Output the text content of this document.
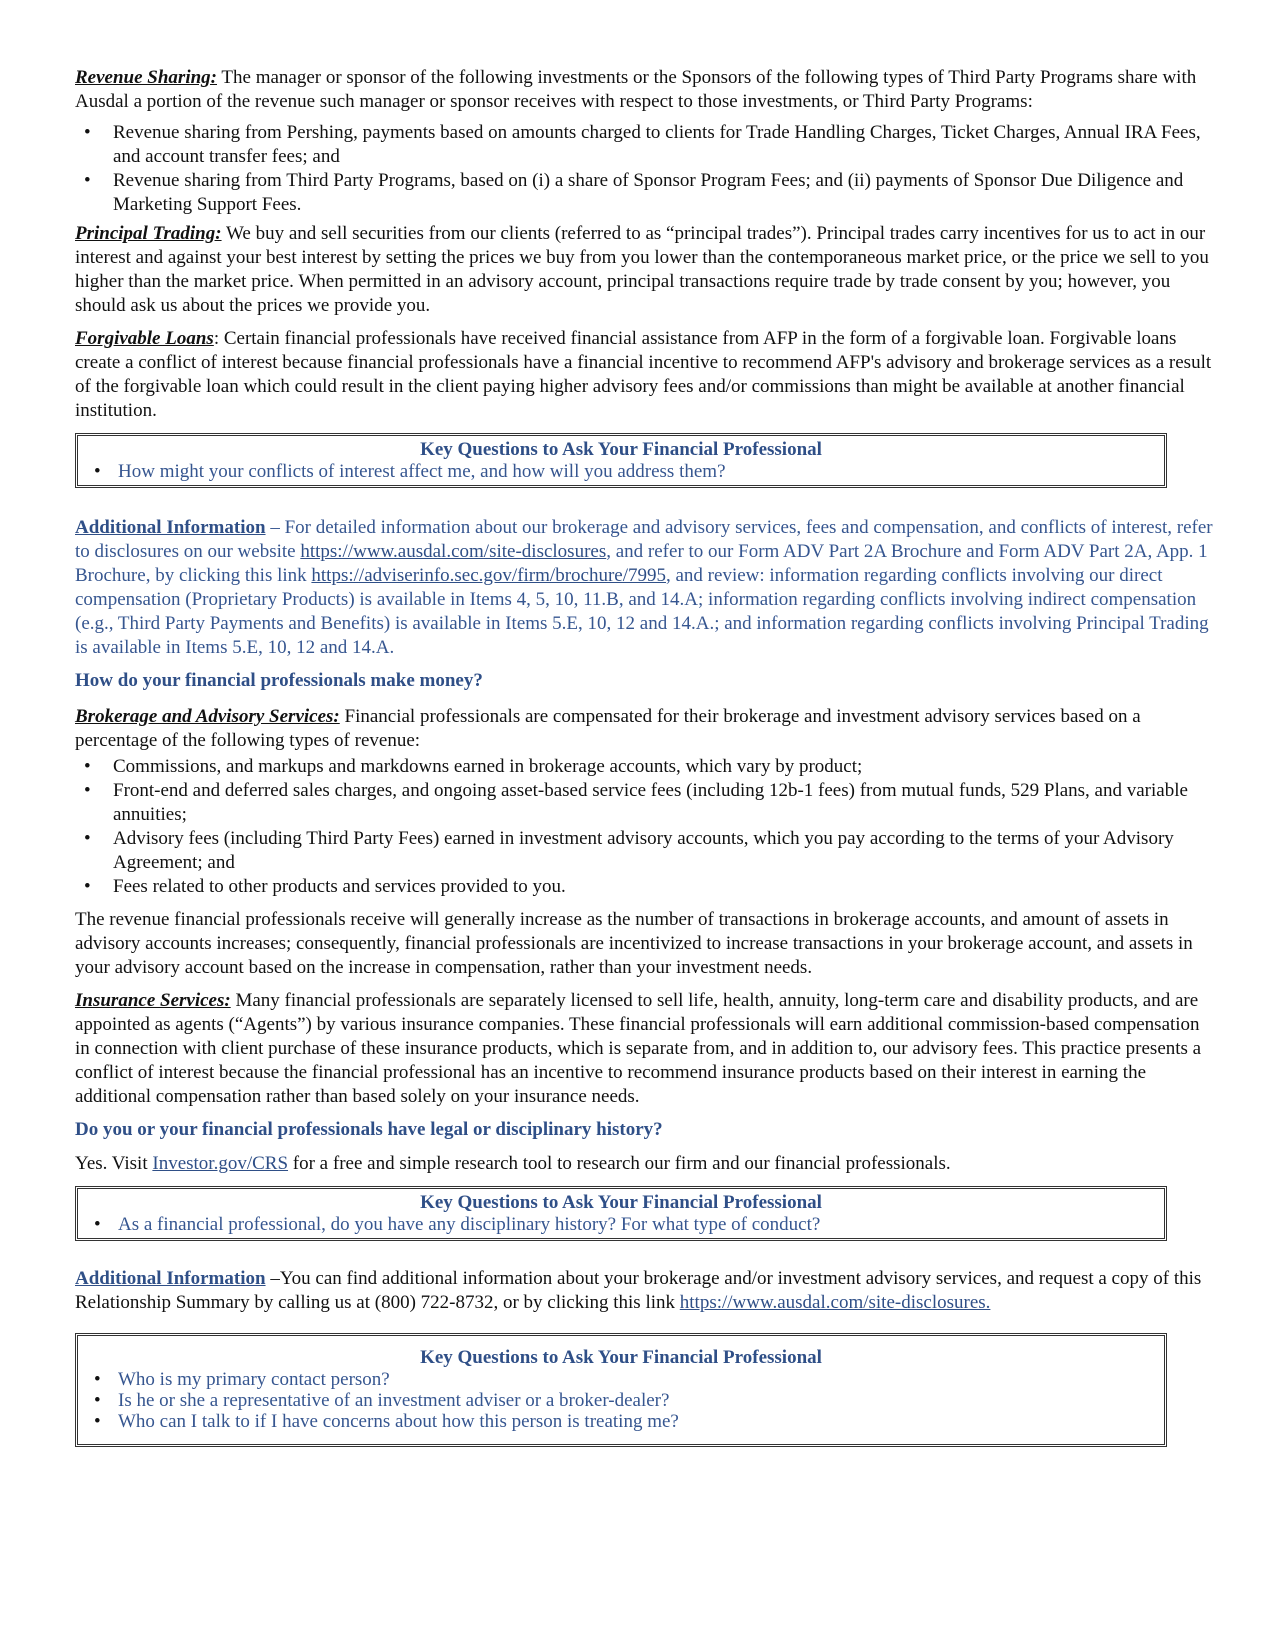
Revenue Sharing: The manager or sponsor of the following investments or the Sponsors of the following types of Third Party Programs share with Ausdal a portion of the revenue such manager or sponsor receives with respect to those investments, or Third Party Programs:

• Revenue sharing from Pershing, payments based on amounts charged to clients for Trade Handling Charges, Ticket Charges, Annual IRA Fees, and account transfer fees; and
• Revenue sharing from Third Party Programs, based on (i) a share of Sponsor Program Fees; and (ii) payments of Sponsor Due Diligence and Marketing Support Fees.

Principal Trading: We buy and sell securities from our clients (referred to as “principal trades”). Principal trades carry incentives for us to act in our interest and against your best interest by setting the prices we buy from you lower than the contemporaneous market price, or the price we sell to you higher than the market price. When permitted in an advisory account, principal transactions require trade by trade consent by you; however, you should ask us about the prices we provide you.

Forgivable Loans: Certain financial professionals have received financial assistance from AFP in the form of a forgivable loan. Forgivable loans create a conflict of interest because financial professionals have a financial incentive to recommend AFP's advisory and brokerage services as a result of the forgivable loan which could result in the client paying higher advisory fees and/or commissions than might be available at another financial institution.

Key Questions to Ask Your Financial Professional
• How might your conflicts of interest affect me, and how will you address them?

Additional Information – For detailed information about our brokerage and advisory services, fees and compensation, and conflicts of interest, refer to disclosures on our website https://www.ausdal.com/site-disclosures, and refer to our Form ADV Part 2A Brochure and Form ADV Part 2A, App. 1 Brochure, by clicking this link https://adviserinfo.sec.gov/firm/brochure/7995, and review: information regarding conflicts involving our direct compensation (Proprietary Products) is available in Items 4, 5, 10, 11.B, and 14.A; information regarding conflicts involving indirect compensation (e.g., Third Party Payments and Benefits) is available in Items 5.E, 10, 12 and 14.A.; and information regarding conflicts involving Principal Trading is available in Items 5.E, 10, 12 and 14.A.

How do your financial professionals make money?

Brokerage and Advisory Services: Financial professionals are compensated for their brokerage and investment advisory services based on a percentage of the following types of revenue:

• Commissions, and markups and markdowns earned in brokerage accounts, which vary by product;
• Front-end and deferred sales charges, and ongoing asset-based service fees (including 12b-1 fees) from mutual funds, 529 Plans, and variable annuities;
• Advisory fees (including Third Party Fees) earned in investment advisory accounts, which you pay according to the terms of your Advisory Agreement; and
• Fees related to other products and services provided to you.

The revenue financial professionals receive will generally increase as the number of transactions in brokerage accounts, and amount of assets in advisory accounts increases; consequently, financial professionals are incentivized to increase transactions in your brokerage account, and assets in your advisory account based on the increase in compensation, rather than your investment needs.

Insurance Services: Many financial professionals are separately licensed to sell life, health, annuity, long-term care and disability products, and are appointed as agents (“Agents”) by various insurance companies. These financial professionals will earn additional commission-based compensation in connection with client purchase of these insurance products, which is separate from, and in addition to, our advisory fees. This practice presents a conflict of interest because the financial professional has an incentive to recommend insurance products based on their interest in earning the additional compensation rather than based solely on your insurance needs.

Do you or your financial professionals have legal or disciplinary history?

Yes. Visit Investor.gov/CRS for a free and simple research tool to research our firm and our financial professionals.

Key Questions to Ask Your Financial Professional
• As a financial professional, do you have any disciplinary history? For what type of conduct?

Additional Information –You can find additional information about your brokerage and/or investment advisory services, and request a copy of this Relationship Summary by calling us at (800) 722-8732, or by clicking this link https://www.ausdal.com/site-disclosures.

Key Questions to Ask Your Financial Professional
• Who is my primary contact person?
• Is he or she a representative of an investment adviser or a broker-dealer?
• Who can I talk to if I have concerns about how this person is treating me?
